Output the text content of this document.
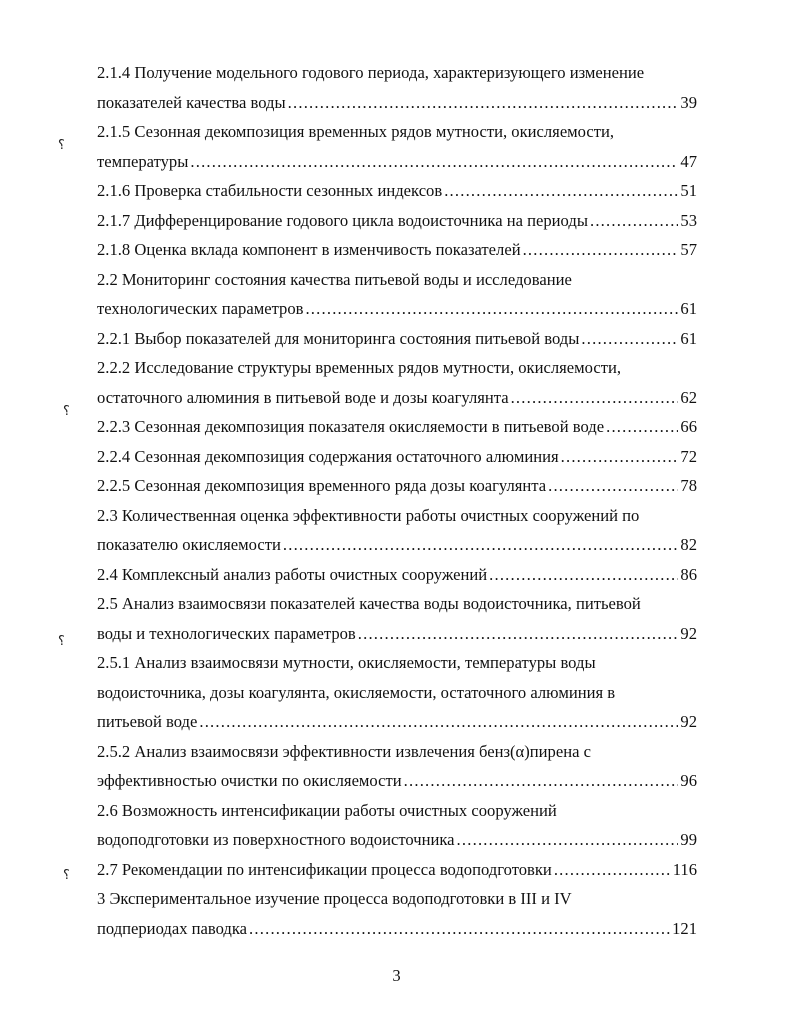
2.1.4 Получение модельного годового периода, характеризующего изменение
показателей качества воды .....	39
2.1.5 Сезонная декомпозиция временных рядов мутности, окисляемости,
температуры .....	47
2.1.6 Проверка стабильности сезонных индексов .....	51
2.1.7 Дифференцирование годового цикла водоисточника на периоды .....	53
2.1.8 Оценка вклада компонент в изменчивость показателей .....	57
2.2 Мониторинг состояния качества питьевой воды и исследование
технологических параметров .....	61
2.2.1 Выбор показателей для мониторинга состояния питьевой воды .....	61
2.2.2 Исследование структуры временных рядов мутности, окисляемости,
остаточного алюминия в питьевой воде и дозы коагулянта .....	62
2.2.3 Сезонная декомпозиция показателя окисляемости в питьевой воде .....	66
2.2.4 Сезонная декомпозиция содержания остаточного алюминия .....	72
2.2.5 Сезонная декомпозиция временного ряда дозы коагулянта .....	78
2.3 Количественная оценка эффективности работы очистных сооружений по
показателю окисляемости .....	82
2.4 Комплексный анализ работы очистных сооружений .....	86
2.5 Анализ взаимосвязи показателей качества воды водоисточника, питьевой
воды и технологических параметров .....	92
2.5.1 Анализ взаимосвязи мутности, окисляемости, температуры воды
водоисточника, дозы коагулянта, окисляемости, остаточного алюминия в
питьевой воде .....	92
2.5.2 Анализ взаимосвязи эффективности извлечения бенз(α)пирена с
эффективностью очистки по окисляемости .....	96
2.6 Возможность интенсификации работы очистных сооружений
водоподготовки из поверхностного водоисточника .....	99
2.7 Рекомендации по интенсификации процесса водоподготовки .....	116
3 Экспериментальное изучение процесса водоподготовки в III и IV
подпериодах паводка .....	121
3
⸮
⸮
⸮
⸮
